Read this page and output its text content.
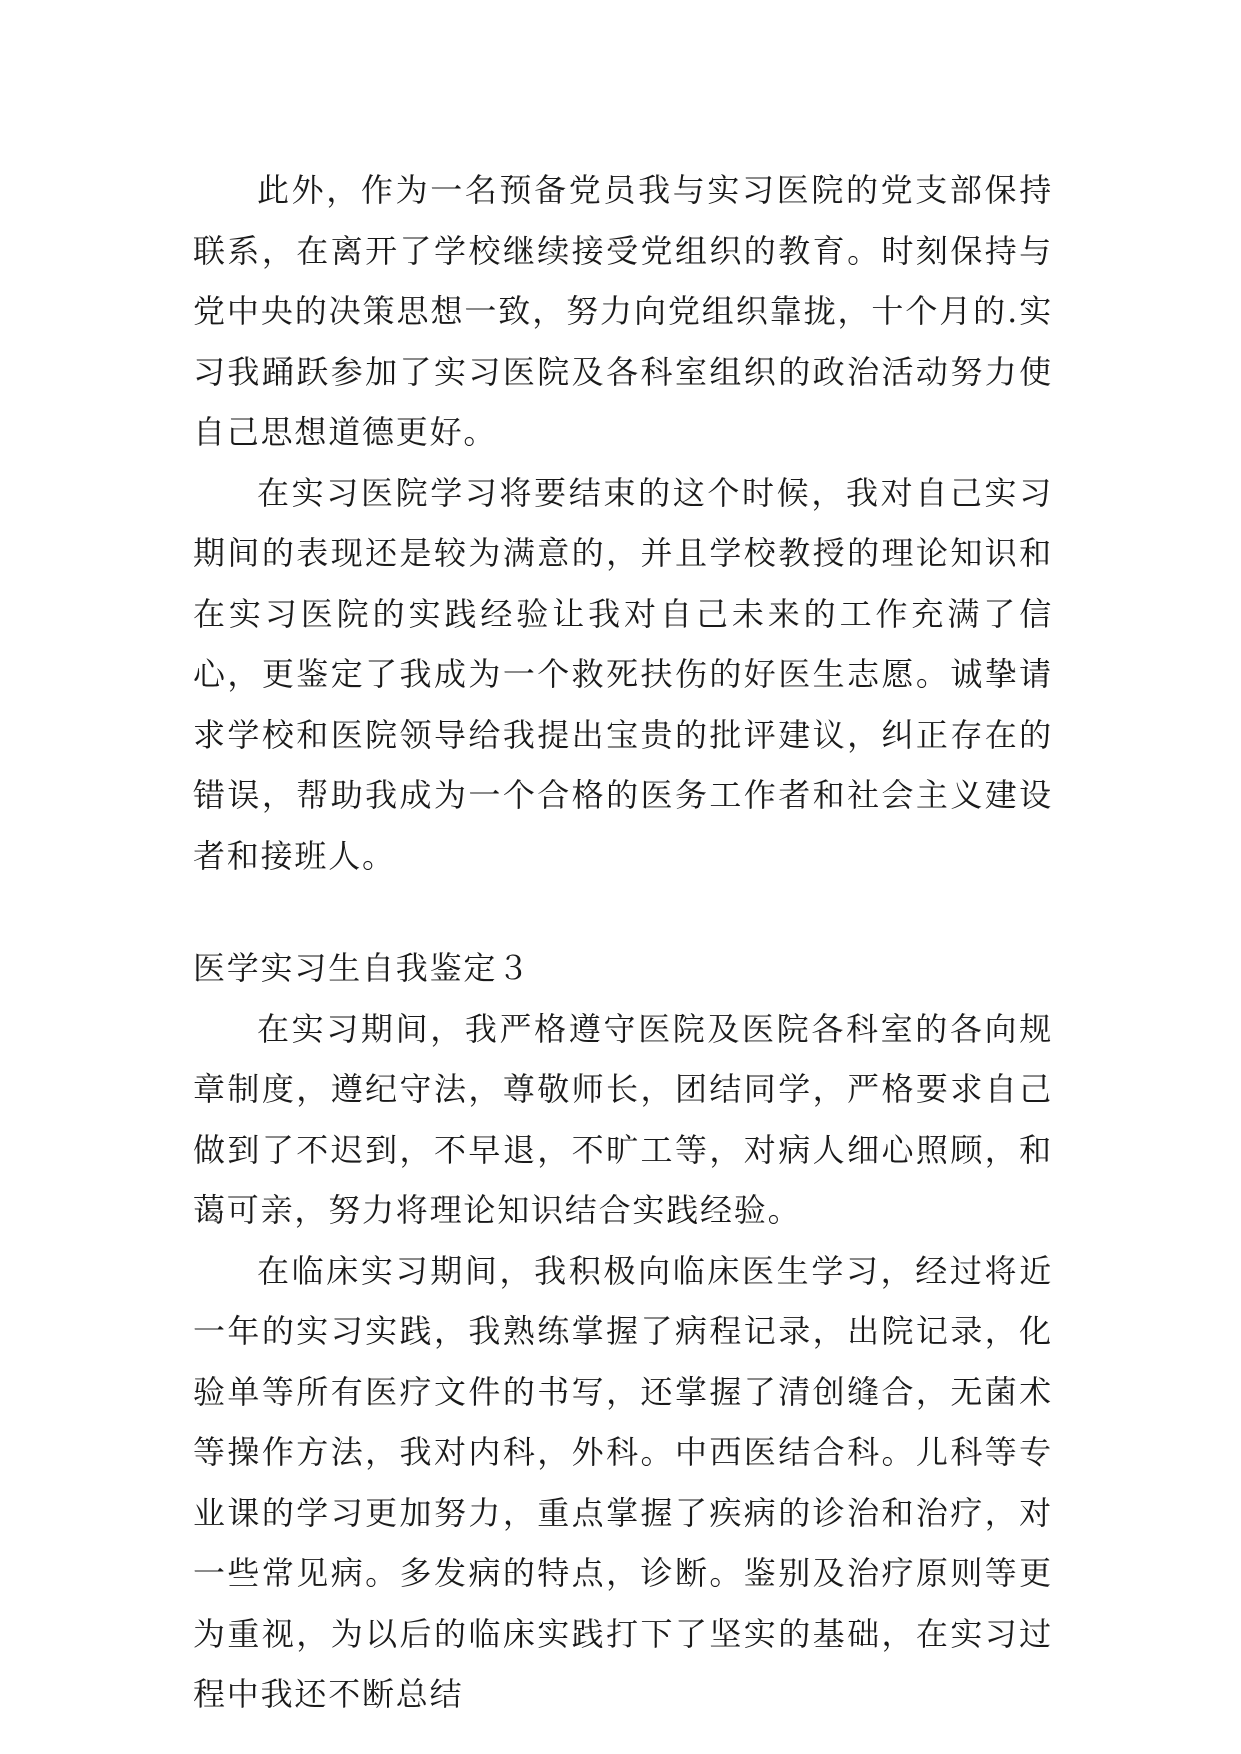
此外，作为一名预备党员我与实习医院的党支部保持联系，在离开了学校继续接受党组织的教育。时刻保持与党中央的决策思想一致，努力向党组织靠拢，十个月的.实习我踊跃参加了实习医院及各科室组织的政治活动努力使自己思想道德更好。

在实习医院学习将要结束的这个时候，我对自己实习期间的表现还是较为满意的，并且学校教授的理论知识和在实习医院的实践经验让我对自己未来的工作充满了信心，更鉴定了我成为一个救死扶伤的好医生志愿。诚挚请求学校和医院领导给我提出宝贵的批评建议，纠正存在的错误，帮助我成为一个合格的医务工作者和社会主义建设者和接班人。

医学实习生自我鉴定３

在实习期间，我严格遵守医院及医院各科室的各向规章制度，遵纪守法，尊敬师长，团结同学，严格要求自己做到了不迟到，不早退，不旷工等，对病人细心照顾，和蔼可亲，努力将理论知识结合实践经验。

在临床实习期间，我积极向临床医生学习，经过将近一年的实习实践，我熟练掌握了病程记录，出院记录，化验单等所有医疗文件的书写，还掌握了清创缝合，无菌术等操作方法，我对内科，外科。中西医结合科。儿科等专业课的学习更加努力，重点掌握了疾病的诊治和治疗，对一些常见病。多发病的特点，诊断。鉴别及治疗原则等更为重视，为以后的临床实践打下了坚实的基础，在实习过程中我还不断总结
